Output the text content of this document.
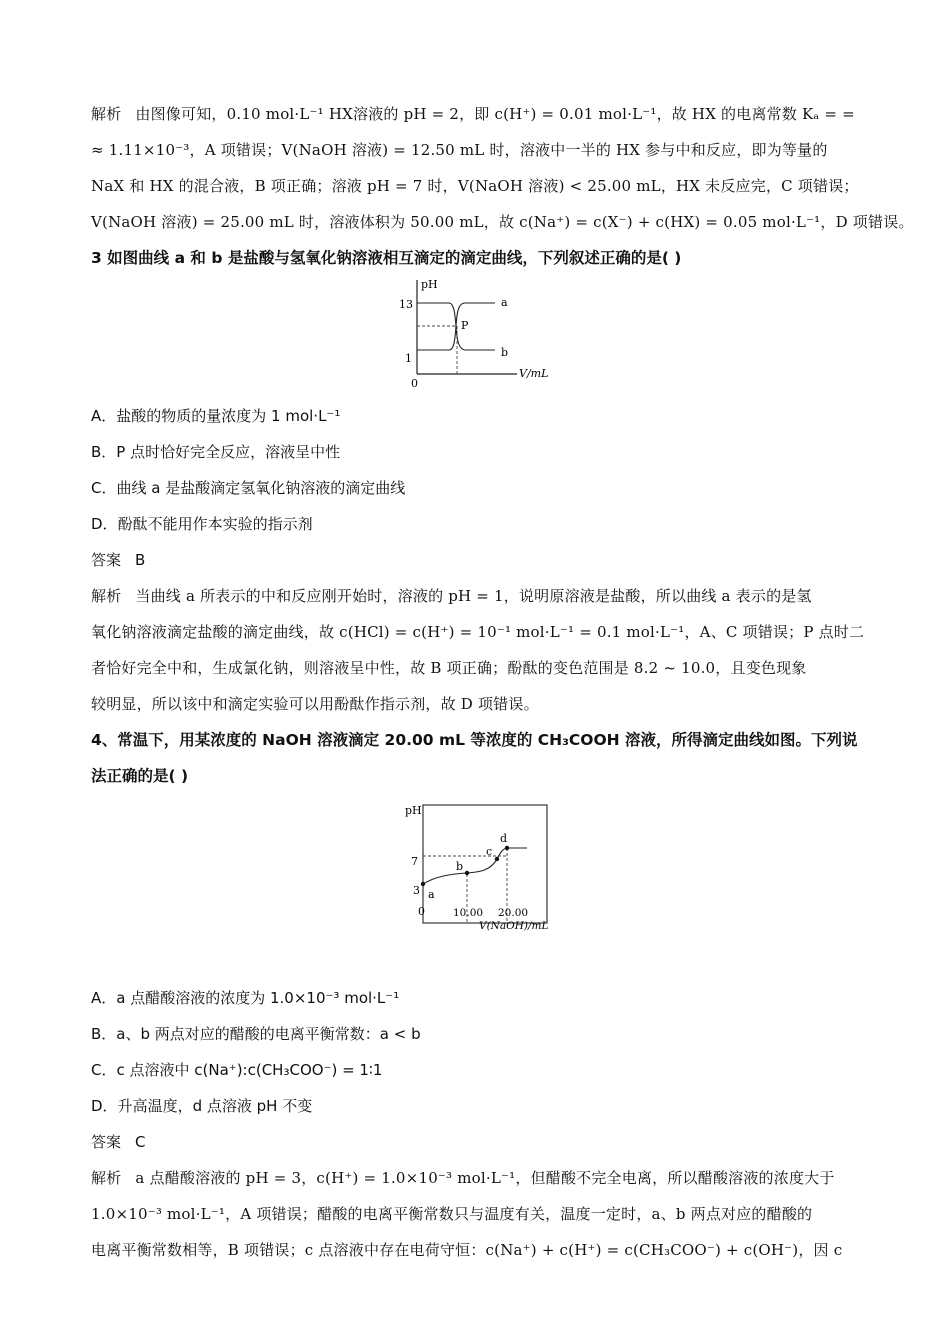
解析 由图像可知，0.10 mol·L⁻¹ HX溶液的 pH = 2，即 c(H⁺) = 0.01 mol·L⁻¹，故 HX 的电离常数 Kₐ = =

≈ 1.11×10⁻³，A 项错误；V(NaOH 溶液) = 12.50 mL 时，溶液中一半的 HX 参与中和反应，即为等量的

NaX 和 HX 的混合液，B 项正确；溶液 pH = 7 时，V(NaOH 溶液) < 25.00 mL，HX 未反应完，C 项错误；

V(NaOH 溶液) = 25.00 mL 时，溶液体积为 50.00 mL，故 c(Na⁺) = c(X⁻) + c(HX) = 0.05 mol·L⁻¹，D 项错误。

3 如图曲线 a 和 b 是盐酸与氢氧化钠溶液相互滴定的滴定曲线，下列叙述正确的是( )

pH
V/mL
0
13
1
a
b
P

A．盐酸的物质的量浓度为 1 mol·L⁻¹

B．P 点时恰好完全反应，溶液呈中性

C．曲线 a 是盐酸滴定氢氧化钠溶液的滴定曲线

D．酚酞不能用作本实验的指示剂

答案 B

解析 当曲线 a 所表示的中和反应刚开始时，溶液的 pH = 1，说明原溶液是盐酸，所以曲线 a 表示的是氢

氧化钠溶液滴定盐酸的滴定曲线，故 c(HCl) = c(H⁺) = 10⁻¹ mol·L⁻¹ = 0.1 mol·L⁻¹，A、C 项错误；P 点时二

者恰好完全中和，生成氯化钠，则溶液呈中性，故 B 项正确；酚酞的变色范围是 8.2 ~ 10.0，且变色现象

较明显，所以该中和滴定实验可以用酚酞作指示剂，故 D 项错误。

4、常温下，用某浓度的 NaOH 溶液滴定 20.00 mL 等浓度的 CH₃COOH 溶液，所得滴定曲线如图。下列说

法正确的是( )

pH
7
3
0	10.00 20.00
V(NaOH)/mL
a
b
c
d

A．a 点醋酸溶液的浓度为 1.0×10⁻³ mol·L⁻¹

B．a、b 两点对应的醋酸的电离平衡常数：a < b

C．c 点溶液中 c(Na⁺):c(CH₃COO⁻) = 1∶1

D．升高温度，d 点溶液 pH 不变

答案 C

解析 a 点醋酸溶液的 pH = 3，c(H⁺) = 1.0×10⁻³ mol·L⁻¹，但醋酸不完全电离，所以醋酸溶液的浓度大于

1.0×10⁻³ mol·L⁻¹，A 项错误；醋酸的电离平衡常数只与温度有关，温度一定时，a、b 两点对应的醋酸的

电离平衡常数相等，B 项错误；c 点溶液中存在电荷守恒：c(Na⁺) + c(H⁺) = c(CH₃COO⁻) + c(OH⁻)，因 c
